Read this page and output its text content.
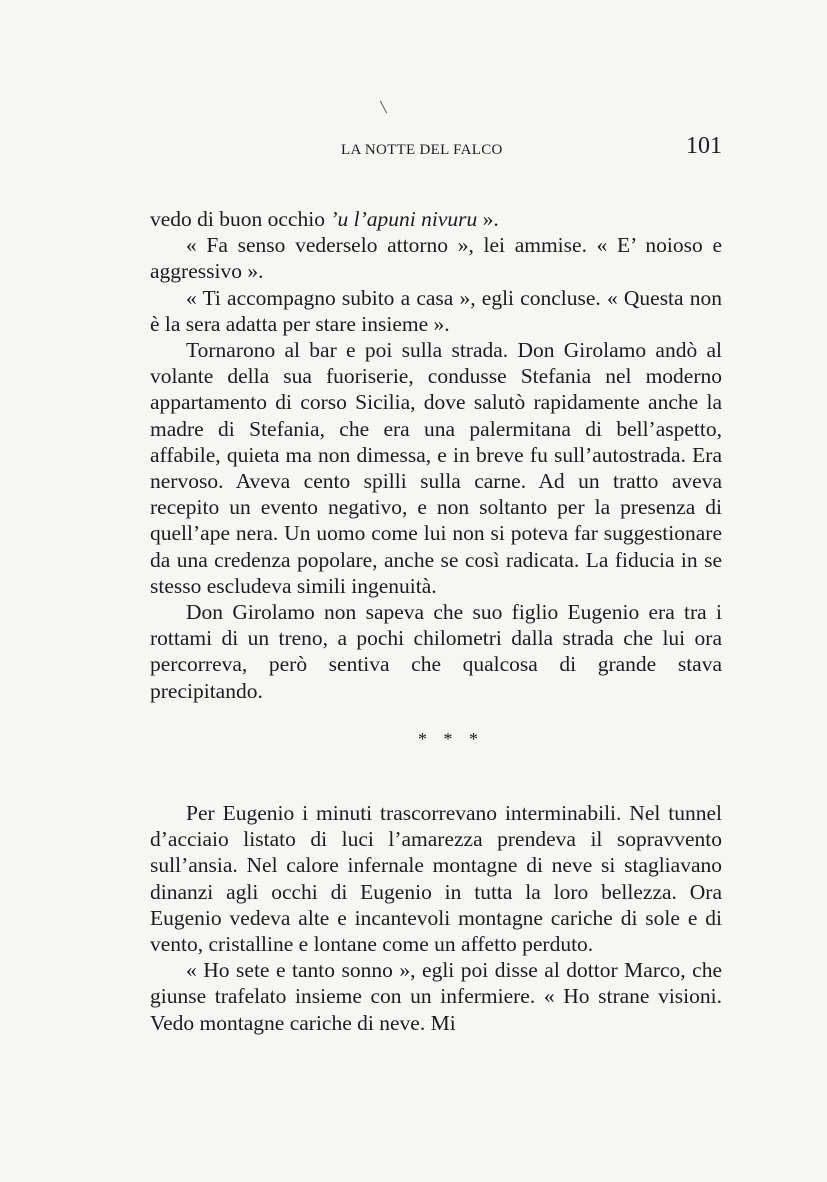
LA NOTTE DEL FALCO	101

vedo di buon occhio ’u l’apuni nivuru ».

« Fa senso vederselo attorno », lei ammise. « E’ noioso e aggressivo ».

« Ti accompagno subito a casa », egli concluse. « Questa non è la sera adatta per stare insieme ».

Tornarono al bar e poi sulla strada. Don Girolamo andò al volante della sua fuoriserie, condusse Stefania nel moderno appartamento di corso Sicilia, dove salutò rapidamente anche la madre di Stefania, che era una palermitana di bell’aspetto, affabile, quieta ma non dimessa, e in breve fu sull’autostrada. Era nervoso. Aveva cento spilli sulla carne. Ad un tratto aveva recepito un evento negativo, e non soltanto per la presenza di quell’ape nera. Un uomo come lui non si poteva far suggestionare da una credenza popolare, anche se così radicata. La fiducia in se stesso escludeva simili ingenuità.

Don Girolamo non sapeva che suo figlio Eugenio era tra i rottami di un treno, a pochi chilometri dalla strada che lui ora percorreva, però sentiva che qualcosa di grande stava precipitando.

* * *

Per Eugenio i minuti trascorrevano interminabili. Nel tunnel d’acciaio listato di luci l’amarezza prendeva il sopravvento sull’ansia. Nel calore infernale montagne di neve si stagliavano dinanzi agli occhi di Eugenio in tutta la loro bellezza. Ora Eugenio vedeva alte e incantevoli montagne cariche di sole e di vento, cristalline e lontane come un affetto perduto.

« Ho sete e tanto sonno », egli poi disse al dottor Marco, che giunse trafelato insieme con un infermiere. « Ho strane visioni. Vedo montagne cariche di neve. Mi
